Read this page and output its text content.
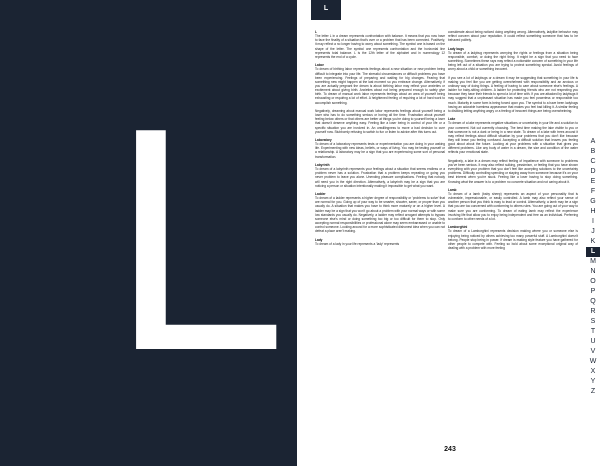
L
L
L
The letter L in a dream represents confrontation with balance. It means that you now have to face the finality of a situation that's over or a problem that has been corrected. Positively, it may reflect a no longer having to worry about something. The symbol one is based on the shape of the letter. The symbol one represents confrontation and the horizontal line represents total balance. L is the 12th letter of the alphabet and in numerology 12 represents the end of a cycle.
Labor
To dream of birthing labor represents feelings about a new situation or new problem being difficult to integrate into your life. The stressful circumstances or difficult problems you have been experiencing. Feelings of preparing and waiting for big changes. Fearing that something new might happen at the last moment so you embrace change. Alternatively, if you are actually pregnant the dream is about birthing labor may reflect your anxieties or excitement about giving birth. Anxieties about not being prepared enough to safely give birth. To dream of manual work labor represents feelings about an area of yourself being exhausting or requiring a lot of effort. A heightened feeling of requiring a lot of hard work to accomplish something.
Negatively, dreaming about manual work labor represents feelings about yourself being a loser who has to do something serious or boring all the time. Frustration about yourself feeling below others or that others are better at things you're doing to yourself being a loser that doesn't deserve anything easy. Feeling like a loser being in control of your life or a specific situation you are involved in. An unwillingness to move a bad decision to cure yourself now. Stubbornly refusing to switch to fun or listen to advice after this turns out.
Laboratory
To dream of a laboratory represents tests or experimentation you are doing in your waking life. Experimenting with new ideas, beliefs, or ways of living. You may be testing yourself or a relationship. A laboratory may be a sign that you are experiencing some sort of personal transformation.
Labyrinth
To dream of a labyrinth represents your feelings about a situation that seems endless or a problem never has a solution. Frustration that a problem keeps repeating or going you never problem to leave you alone. Unending pleasure complications. Feeling that nobody will need you in the right direction. Alternatively, a labyrinth may be a sign that you are noticing a person or situation intentionally making it impossible to get what you want.
Ladder
To dream of a ladder represents a higher degree of responsibility or 'problems to solve' that are normal for you. Going up of your way to be smarter, showier, saner, or proper than you usually do. A situation that makes you have to think more maturely or on a higher level. A ladder may be a sign that you won't go about a problem with your normal ways or with some low standards you usually do. Negatively, a ladder may reflect arrogant attempts to bypass someone else's mind or doing something too big or too difficult for them to stop. Only accepting normal responsibilities or professional alone may seem embarrassed or unable to control someone. Looking around for a more sophisticated dishonest idea when you can not defeat a place aren't making.
Lady
To dream of a lady in your life represents a 'lady' represents
considerate about being noticed doing anything wrong. Alternatively, ladylike behavior may reflect concern about your reputation. It could reflect something someone that has to be behaved politely.
Lady bugs
To dream of a ladybug represents worrying the rights or feelings from a situation being responsible, comfort, or doing the right thing. It might be a sign that you need to face something. Sometimes these rays may reflect a noticeable concern of something in your life being left out of a situation you are trying to protect something special. Avoid feelings of worry about a child or something innocent.
If you see a lot of ladybugs or a dream it may be suggesting that something in your life is making you feel like you are getting overwhelmed with responsibility and an anxious or ordinary way of doing things. A feeling of having to care about someone else's feelings. A ladder for baby-sitting children. A ladder for protecting friends who are not respecting you because they have their friends to spend a lot of time with. If you are attacked by ladybugs it may suggest that a unpleasant situation has made you feel powerless or responsible too much. Maturity in some form is being forced upon you. The symbol to a have been ladybugs having an adorable harmless appearance that makes you feel bad killing it. A similar feeling to disliking letting anything angry or a feeling of innocent things are being overwhelming.
Lake
To dream of a lake represents negative situations or uncertainty in your life and a solution to your comment. Not cut currently choosing. The best time making the lake visible to you or that someone is not a dark or being in a new state. To dream of a lake with trees around it may reflect feelings about difficult situation by your problems that you don't like because they will leave you feeling confused. Accepting a difficult solution that leaves you feeling good about about the future. Looking at your problems with a situation that gives you different problems. Like any body of water in a dream, the size and condition of the water reflects your emotional state.
Negatively, a lake in a dream may reflect feeling of impatience with someone to problems you've been serious. It may also reflect sulking, pessimism, or feeling that you have shown everything with your problem that you don't feel like accepting solutions to the uncertainty problems. Difficulty controlling spending or staying away from someone because it's on your best interest when you're stuck. Feeling like a loser having to stop doing something. Knowing what the answer is to a problem no concrete situation and not caring about it.
Lamb
To dream of a lamb (baby sheep) represents an aspect of your personality that is vulnerable, impressionable, or easily controlled. A lamb may also reflect your sense of another person that you think is easy to lead or control. Alternatively, a lamb may be a sign that you are too concerned with conforming to others rules. You are going out of your way to make sure you are conforming. To dream of eating lamb may reflect the experience involving life that allow you to enjoy being independent and free as an individual. Preferring to conform to other needs of a lot.
Lamborghini
To dream of a Lamborghini represents decision making where you or someone else is enjoying being noticed by others achieving too many powerful stuff. A Lamborghini doesn't belong. People stop being in power. If dream is making style feature you have gathered for other people to compete with. Feeling so bold about some exceptional original way of dealing with a problem with more feeling
A
B
C
D
E
F
G
H
I
J
K
L
M
N
O
P
Q
R
S
T
U
V
W
X
Y
Z
243
